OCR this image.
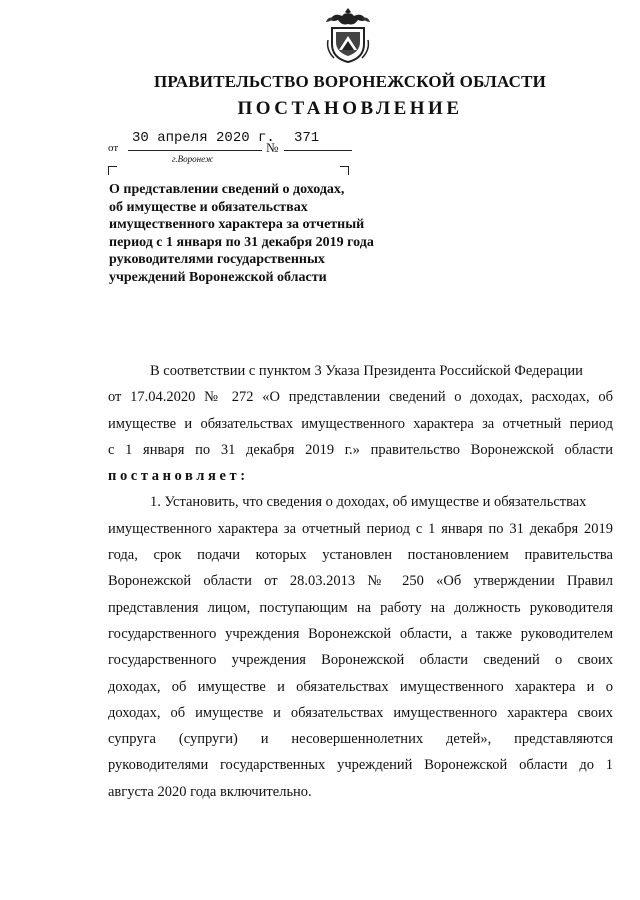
ПРАВИТЕЛЬСТВО ВОРОНЕЖСКОЙ ОБЛАСТИ
ПОСТАНОВЛЕНИЕ
от
30 апреля 2020 г.
№
371
г.Воронеж
О представлении сведений о доходах,
об имуществе и обязательствах
имущественного характера за отчетный
период с 1 января по 31 декабря 2019 года
руководителями государственных
учреждений Воронежской области
В соответствии с пунктом 3 Указа Президента Российской Федерации
от 17.04.2020 № 272 «О представлении сведений о доходах, расходах, об
имуществе и обязательствах имущественного характера за отчетный период
с 1 января по 31 декабря 2019 г.» правительство Воронежской области
постановляет:
1. Установить, что сведения о доходах, об имуществе и обязательствах
имущественного характера за отчетный период с 1 января по 31 декабря 2019
года, срок подачи которых установлен постановлением правительства
Воронежской области от 28.03.2013 № 250 «Об утверждении Правил
представления лицом, поступающим на работу на должность руководителя
государственного учреждения Воронежской области, а также руководителем
государственного учреждения Воронежской области сведений о своих
доходах, об имуществе и обязательствах имущественного характера и о
доходах, об имуществе и обязательствах имущественного характера своих
супруга (супруги) и несовершеннолетних детей», представляются
руководителями государственных учреждений Воронежской области до 1
августа 2020 года включительно.
